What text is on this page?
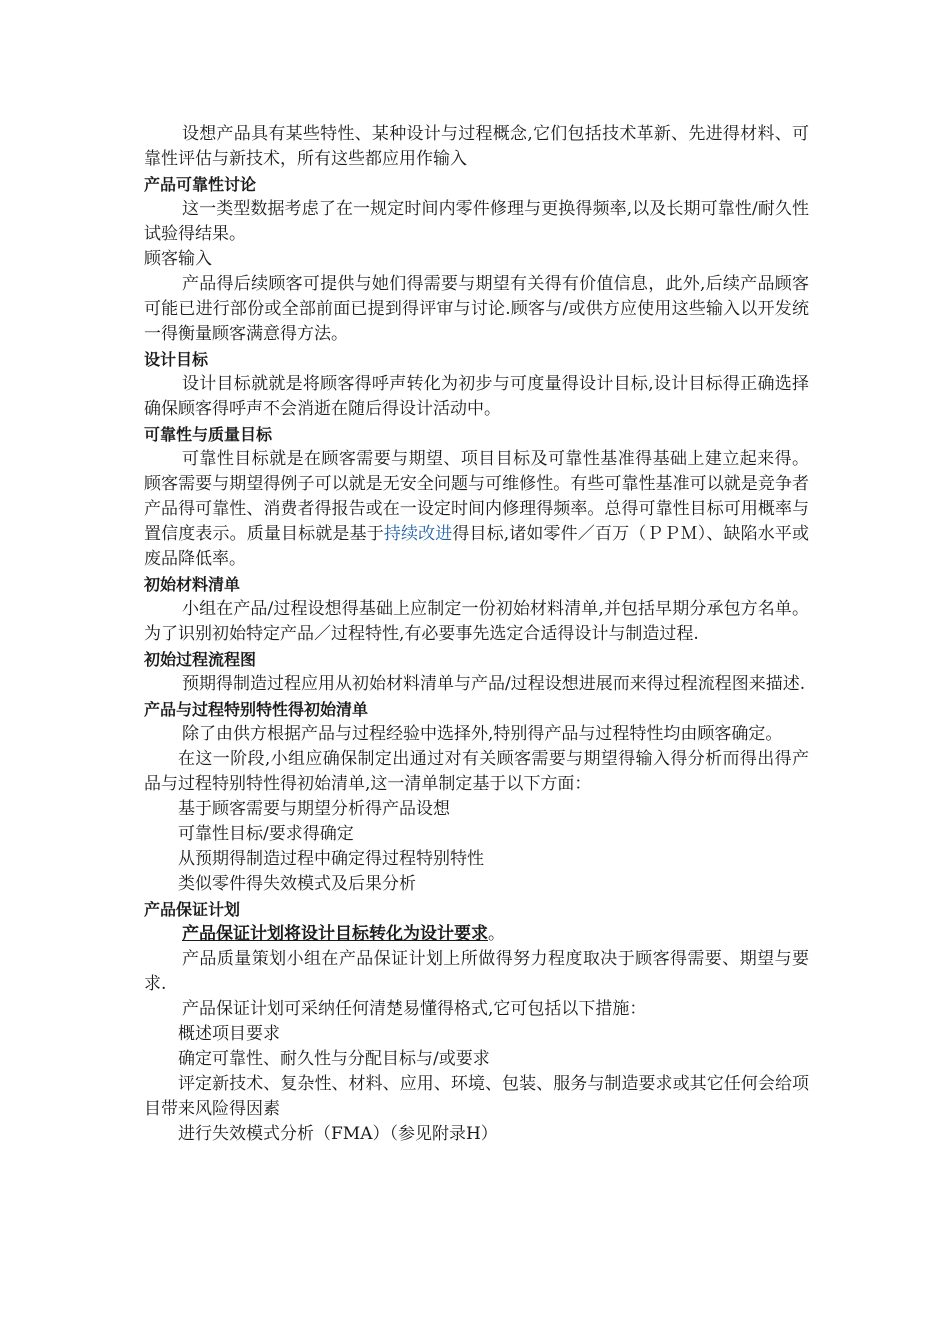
设想产品具有某些特性、某种设计与过程概念,它们包括技术革新、先进得材料、可靠性评估与新技术，所有这些都应用作输入

产品可靠性讨论

这一类型数据考虑了在一规定时间内零件修理与更换得频率,以及长期可靠性/耐久性试验得结果。

顾客输入

产品得后续顾客可提供与她们得需要与期望有关得有价值信息，此外,后续产品顾客可能已进行部份或全部前面已提到得评审与讨论.顾客与/或供方应使用这些输入以开发统一得衡量顾客满意得方法。

设计目标

设计目标就就是将顾客得呼声转化为初步与可度量得设计目标,设计目标得正确选择确保顾客得呼声不会消逝在随后得设计活动中。

可靠性与质量目标

可靠性目标就是在顾客需要与期望、项目目标及可靠性基准得基础上建立起来得。顾客需要与期望得例子可以就是无安全问题与可维修性。有些可靠性基准可以就是竞争者产品得可靠性、消费者得报告或在一设定时间内修理得频率。总得可靠性目标可用概率与置信度表示。质量目标就是基于持续改进得目标,诸如零件／百万（ＰＰＭ）、缺陷水平或废品降低率。

初始材料清单

小组在产品/过程设想得基础上应制定一份初始材料清单,并包括早期分承包方名单。为了识别初始特定产品／过程特性,有必要事先选定合适得设计与制造过程.

初始过程流程图

预期得制造过程应用从初始材料清单与产品/过程设想进展而来得过程流程图来描述.

产品与过程特别特性得初始清单

除了由供方根据产品与过程经验中选择外,特别得产品与过程特性均由顾客确定。

在这一阶段,小组应确保制定出通过对有关顾客需要与期望得输入得分析而得出得产品与过程特别特性得初始清单,这一清单制定基于以下方面：

基于顾客需要与期望分析得产品设想

可靠性目标/要求得确定

从预期得制造过程中确定得过程特别特性

类似零件得失效模式及后果分析

产品保证计划

产品保证计划将设计目标转化为设计要求。

产品质量策划小组在产品保证计划上所做得努力程度取决于顾客得需要、期望与要求.

产品保证计划可采纳任何清楚易懂得格式,它可包括以下措施：

概述项目要求

确定可靠性、耐久性与分配目标与/或要求

评定新技术、复杂性、材料、应用、环境、包装、服务与制造要求或其它任何会给项目带来风险得因素

进行失效模式分析（FMA）（参见附录H）
